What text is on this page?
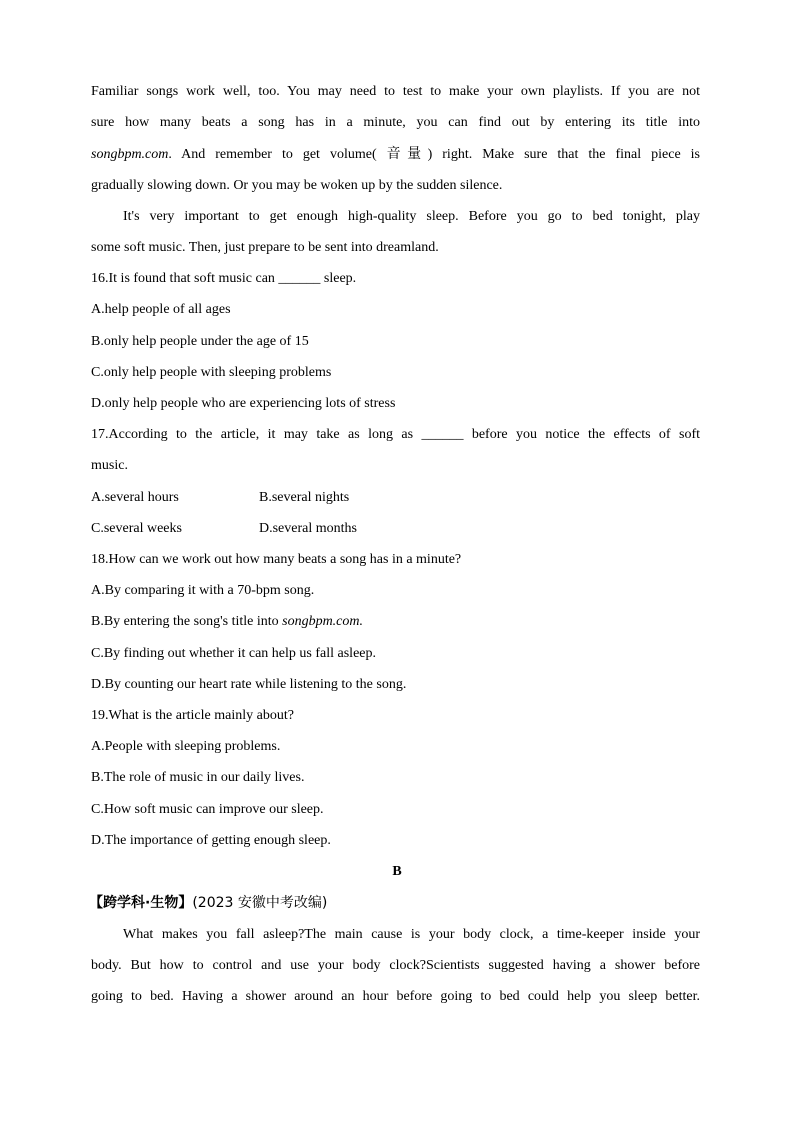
Familiar songs work well, too. You may need to test to make your own playlists. If you are not
sure how many beats a song has in a minute, you can find out by entering its title into
songbpm.com. And remember to get volume( 音量) right. Make sure that the final piece is
gradually slowing down. Or you may be woken up by the sudden silence.
It's very important to get enough high-quality sleep. Before you go to bed tonight, play
some soft music. Then, just prepare to be sent into dreamland.
16.It is found that soft music can ______ sleep.
A.help people of all ages
B.only help people under the age of 15
C.only help people with sleeping problems
D.only help people who are experiencing lots of stress
17.According to the article, it may take as long as ______ before you notice the effects of soft
music.
A.several hours	B.several nights
C.several weeks	D.several months
18.How can we work out how many beats a song has in a minute?
A.By comparing it with a 70-bpm song.
B.By entering the song's title into songbpm.com.
C.By finding out whether it can help us fall asleep.
D.By counting our heart rate while listening to the song.
19.What is the article mainly about?
A.People with sleeping problems.
B.The role of music in our daily lives.
C.How soft music can improve our sleep.
D.The importance of getting enough sleep.
B
【跨学科·生物】(2023 安徽中考改编)
What makes you fall asleep?The main cause is your body clock, a time-keeper inside your
body. But how to control and use your body clock?Scientists suggested having a shower before
going to bed. Having a shower around an hour before going to bed could help you sleep better.
